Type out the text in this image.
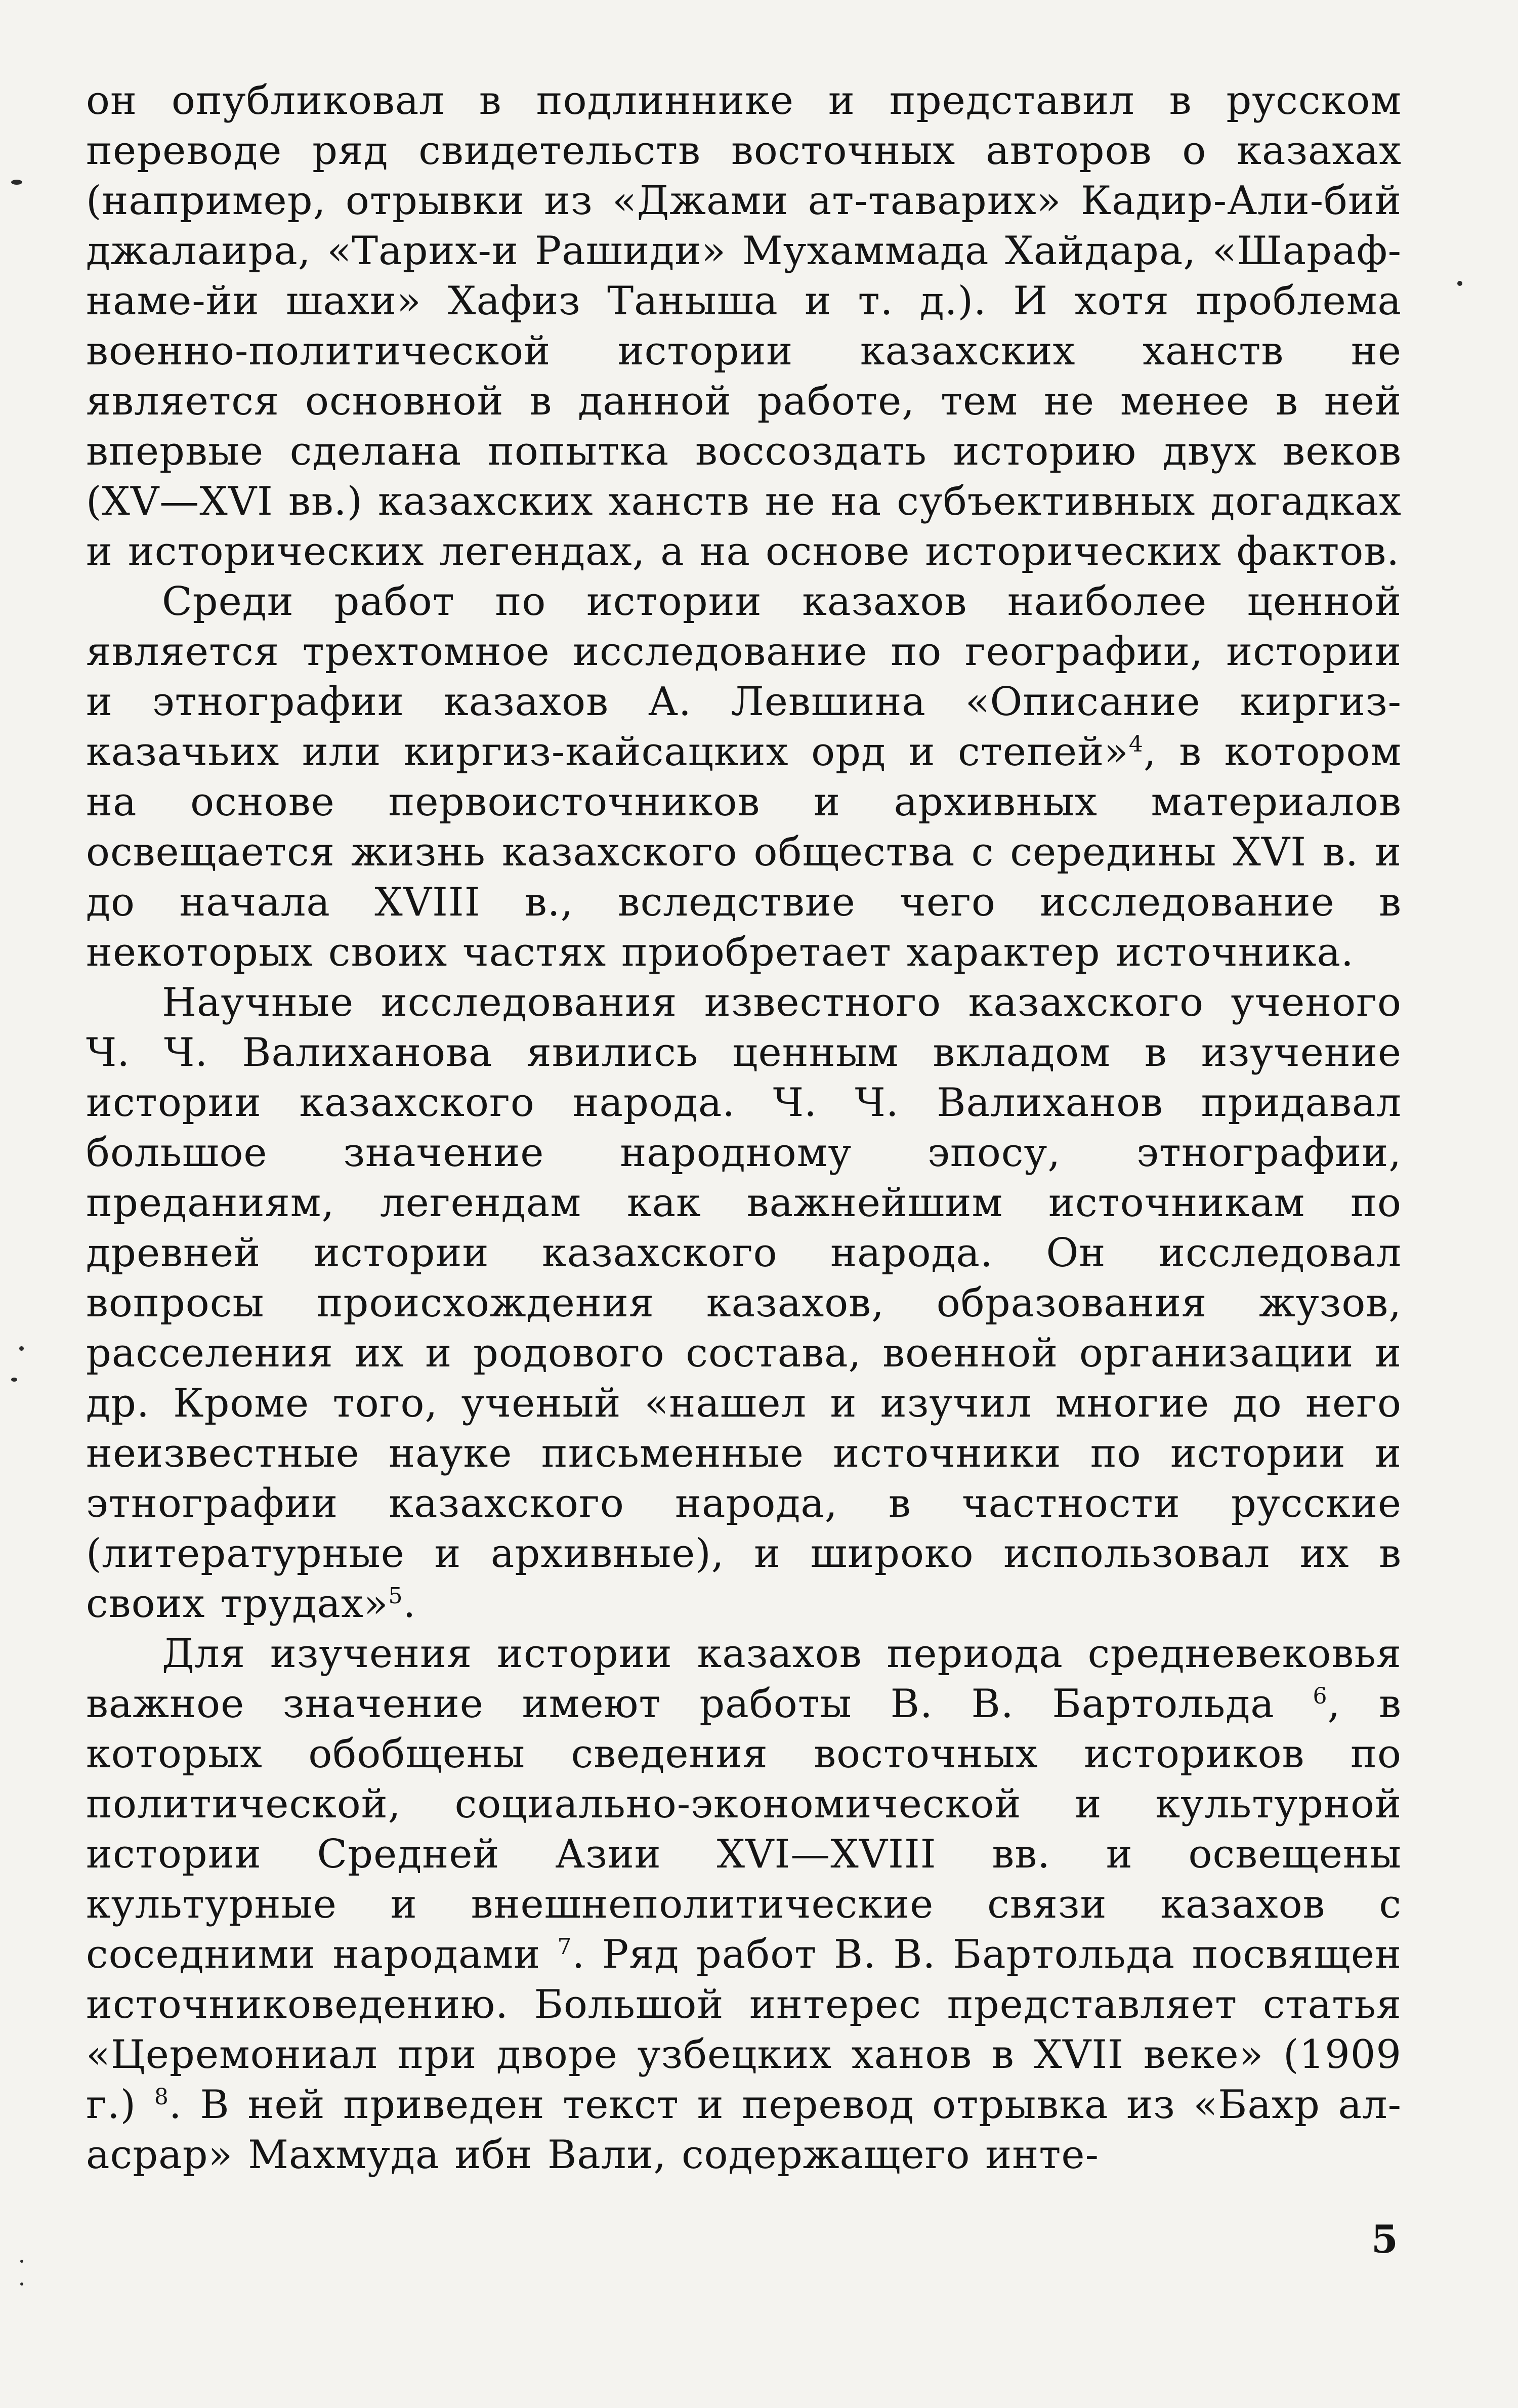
он опубликовал в подлиннике и представил в русском переводе ряд свидетельств восточных авторов о казахах (например, отрывки из «Джами ат-таварих» Кадир-Али-бий джалаира, «Тарих-и Рашиди» Мухаммада Хайдара, «Шараф-наме-йи шахи» Хафиз Таныша и т. д.). И хотя проблема военно-политической истории казахских ханств не является основной в данной работе, тем не менее в ней впервые сделана попытка воссоздать историю двух веков (XV—XVI вв.) казахских ханств не на субъективных догадках и исторических легендах, а на основе исторических фактов.

Среди работ по истории казахов наиболее ценной является трехтомное исследование по географии, истории и этнографии казахов А. Левшина «Описание киргиз-казачьих или киргиз-кайсацких орд и степей»$^4$, в котором на основе первоисточников и архивных материалов освещается жизнь казахского общества с середины XVI в. и до начала XVIII в., вследствие чего исследование в некоторых своих частях приобретает характер источника.

Научные исследования известного казахского ученого Ч. Ч. Валиханова явились ценным вкладом в изучение истории казахского народа. Ч. Ч. Валиханов придавал большое значение народному эпосу, этнографии, преданиям, легендам как важнейшим источникам по древней истории казахского народа. Он исследовал вопросы происхождения казахов, образования жузов, расселения их и родового состава, военной организации и др. Кроме того, ученый «нашел и изучил многие до него неизвестные науке письменные источники по истории и этнографии казахского народа, в частности русские (литературные и архивные), и широко использовал их в своих трудах»$^5$.

Для изучения истории казахов периода средневековья важное значение имеют работы В. В. Бартольда $^6$, в которых обобщены сведения восточных историков по политической, социально-экономической и культурной истории Средней Азии XVI—XVIII вв. и освещены культурные и внешнеполитические связи казахов с соседними народами $^7$. Ряд работ В. В. Бартольда посвящен источниковедению. Большой интерес представляет статья «Церемониал при дворе узбецких ханов в XVII веке» (1909 г.) $^8$. В ней приведен текст и перевод отрывка из «Бахр ал-асрар» Махмуда ибн Вали, содержащего инте-

5
